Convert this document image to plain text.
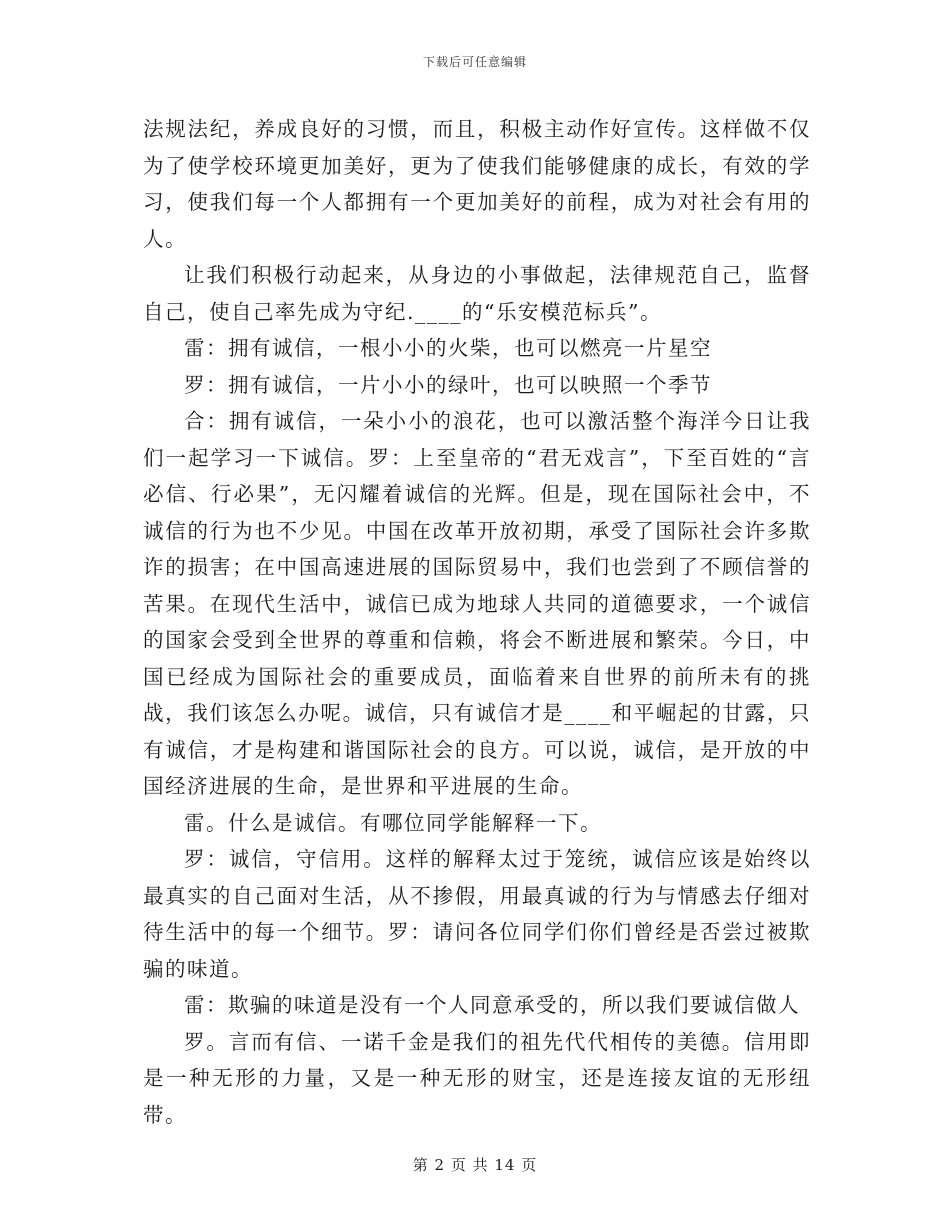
下载后可任意编辑

法规法纪，养成良好的习惯，而且，积极主动作好宣传。这样做不仅为了使学校环境更加美好，更为了使我们能够健康的成长，有效的学习，使我们每一个人都拥有一个更加美好的前程，成为对社会有用的人。

让我们积极行动起来，从身边的小事做起，法律规范自己，监督自己，使自己率先成为守纪.____的“乐安模范标兵”。

雷：拥有诚信，一根小小的火柴，也可以燃亮一片星空

罗：拥有诚信，一片小小的绿叶，也可以映照一个季节

合：拥有诚信，一朵小小的浪花，也可以激活整个海洋今日让我们一起学习一下诚信。罗：上至皇帝的“君无戏言”，下至百姓的“言必信、行必果”，无闪耀着诚信的光辉。但是，现在国际社会中，不诚信的行为也不少见。中国在改革开放初期，承受了国际社会许多欺诈的损害；在中国高速进展的国际贸易中，我们也尝到了不顾信誉的苦果。在现代生活中，诚信已成为地球人共同的道德要求，一个诚信的国家会受到全世界的尊重和信赖，将会不断进展和繁荣。今日，中国已经成为国际社会的重要成员，面临着来自世界的前所未有的挑战，我们该怎么办呢。诚信，只有诚信才是____和平崛起的甘露，只有诚信，才是构建和谐国际社会的良方。可以说，诚信，是开放的中国经济进展的生命，是世界和平进展的生命。

雷。什么是诚信。有哪位同学能解释一下。

罗：诚信，守信用。这样的解释太过于笼统，诚信应该是始终以最真实的自己面对生活，从不掺假，用最真诚的行为与情感去仔细对待生活中的每一个细节。罗：请问各位同学们你们曾经是否尝过被欺骗的味道。

雷：欺骗的味道是没有一个人同意承受的，所以我们要诚信做人

罗。言而有信、一诺千金是我们的祖先代代相传的美德。信用即是一种无形的力量，又是一种无形的财宝，还是连接友谊的无形纽带。

第 2 页 共 14 页
